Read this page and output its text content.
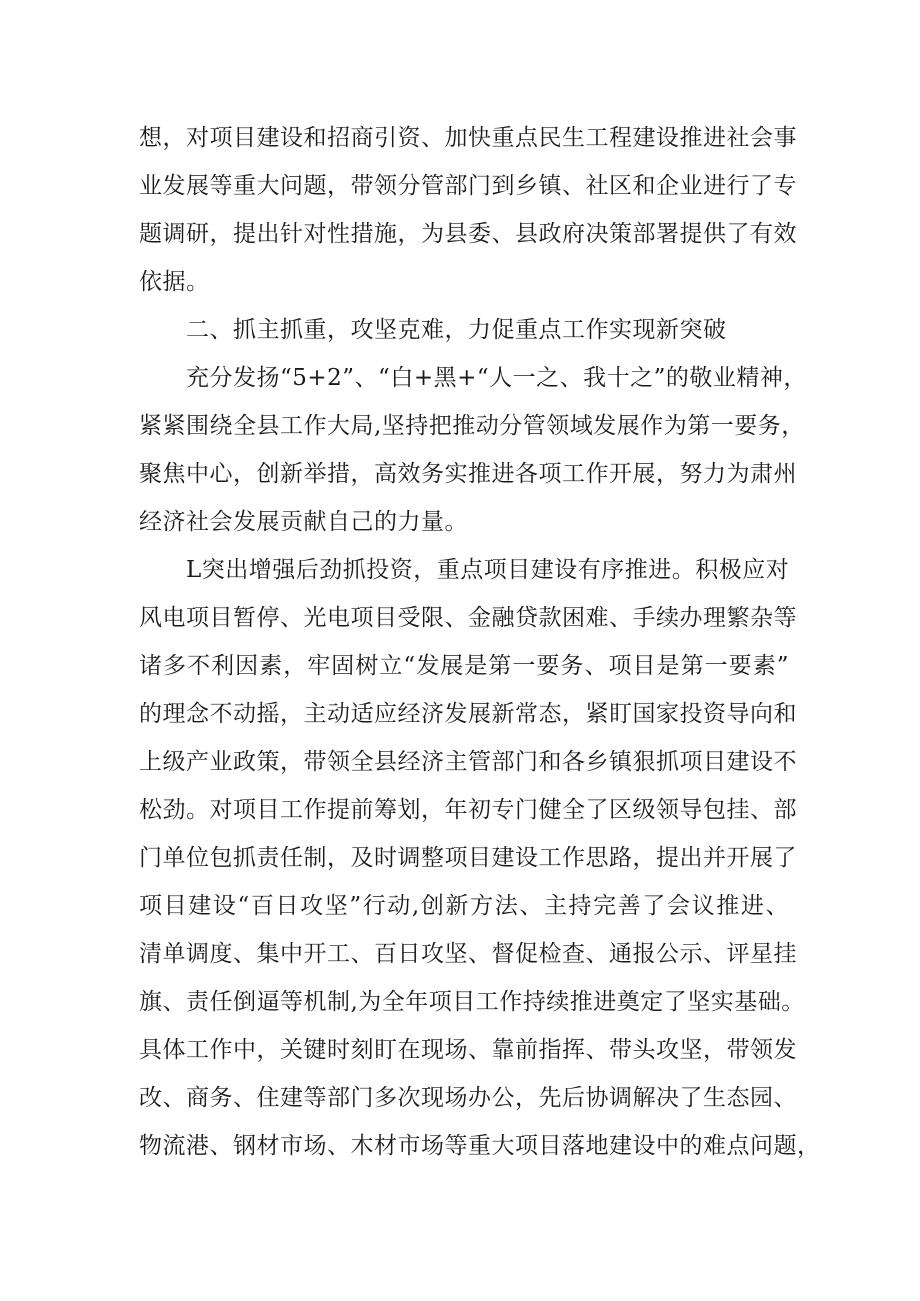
想，对项目建设和招商引资、加快重点民生工程建设推进社会事
业发展等重大问题，带领分管部门到乡镇、社区和企业进行了专
题调研，提出针对性措施，为县委、县政府决策部署提供了有效
依据。
二、抓主抓重，攻坚克难，力促重点工作实现新突破
充分发扬“5+2”、“白+黑+“人一之、我十之”的敬业精神，
紧紧围绕全县工作大局,坚持把推动分管领域发展作为第一要务，
聚焦中心，创新举措，高效务实推进各项工作开展，努力为肃州
经济社会发展贡献自己的力量。
L突出增强后劲抓投资，重点项目建设有序推进。积极应对
风电项目暂停、光电项目受限、金融贷款困难、手续办理繁杂等
诸多不利因素，牢固树立“发展是第一要务、项目是第一要素”
的理念不动摇，主动适应经济发展新常态，紧盯国家投资导向和
上级产业政策，带领全县经济主管部门和各乡镇狠抓项目建设不
松劲。对项目工作提前筹划，年初专门健全了区级领导包挂、部
门单位包抓责任制，及时调整项目建设工作思路，提出并开展了
项目建设“百日攻坚”行动,创新方法、主持完善了会议推进、
清单调度、集中开工、百日攻坚、督促检查、通报公示、评星挂
旗、责任倒逼等机制,为全年项目工作持续推进奠定了坚实基础。
具体工作中，关键时刻盯在现场、靠前指挥、带头攻坚，带领发
改、商务、住建等部门多次现场办公，先后协调解决了生态园、
物流港、钢材市场、木材市场等重大项目落地建设中的难点问题，
